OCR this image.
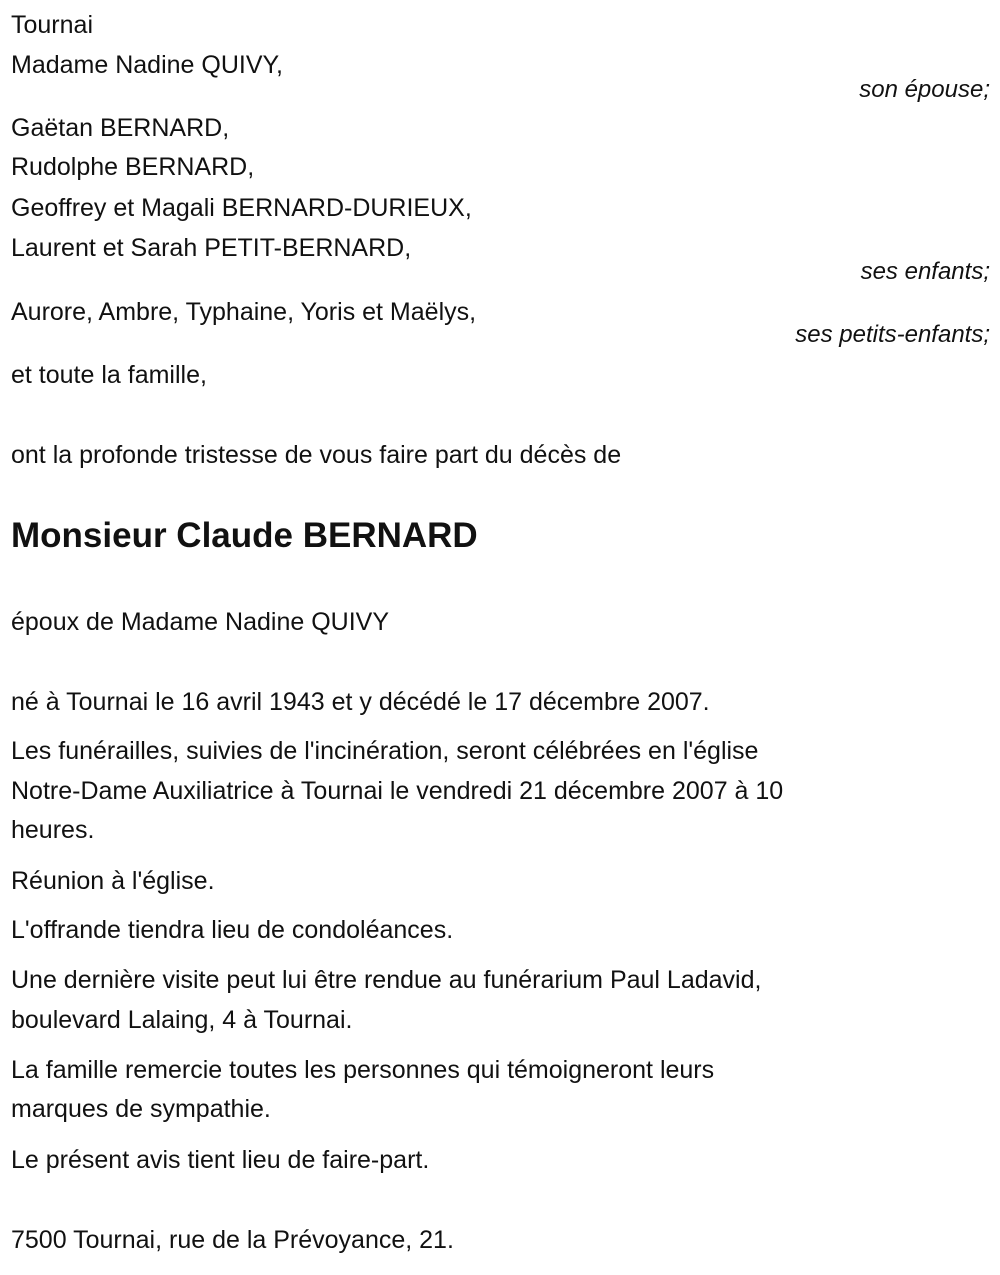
Tournai
Madame Nadine QUIVY,
son épouse;
Gaëtan BERNARD,
Rudolphe BERNARD,
Geoffrey et Magali BERNARD-DURIEUX,
Laurent et Sarah PETIT-BERNARD,
ses enfants;
Aurore, Ambre, Typhaine, Yoris et Maëlys,
ses petits-enfants;
et toute la famille,
ont la profonde tristesse de vous faire part du décès de
Monsieur Claude BERNARD
époux de Madame Nadine QUIVY
né à Tournai le 16 avril 1943 et y décédé le 17 décembre 2007.
Les funérailles, suivies de l'incinération, seront célébrées en l'église
Notre-Dame Auxiliatrice à Tournai le vendredi 21 décembre 2007 à 10
heures.
Réunion à l'église.
L'offrande tiendra lieu de condoléances.
Une dernière visite peut lui être rendue au funérarium Paul Ladavid,
boulevard Lalaing, 4 à Tournai.
La famille remercie toutes les personnes qui témoigneront leurs
marques de sympathie.
Le présent avis tient lieu de faire-part.
7500 Tournai, rue de la Prévoyance, 21.
